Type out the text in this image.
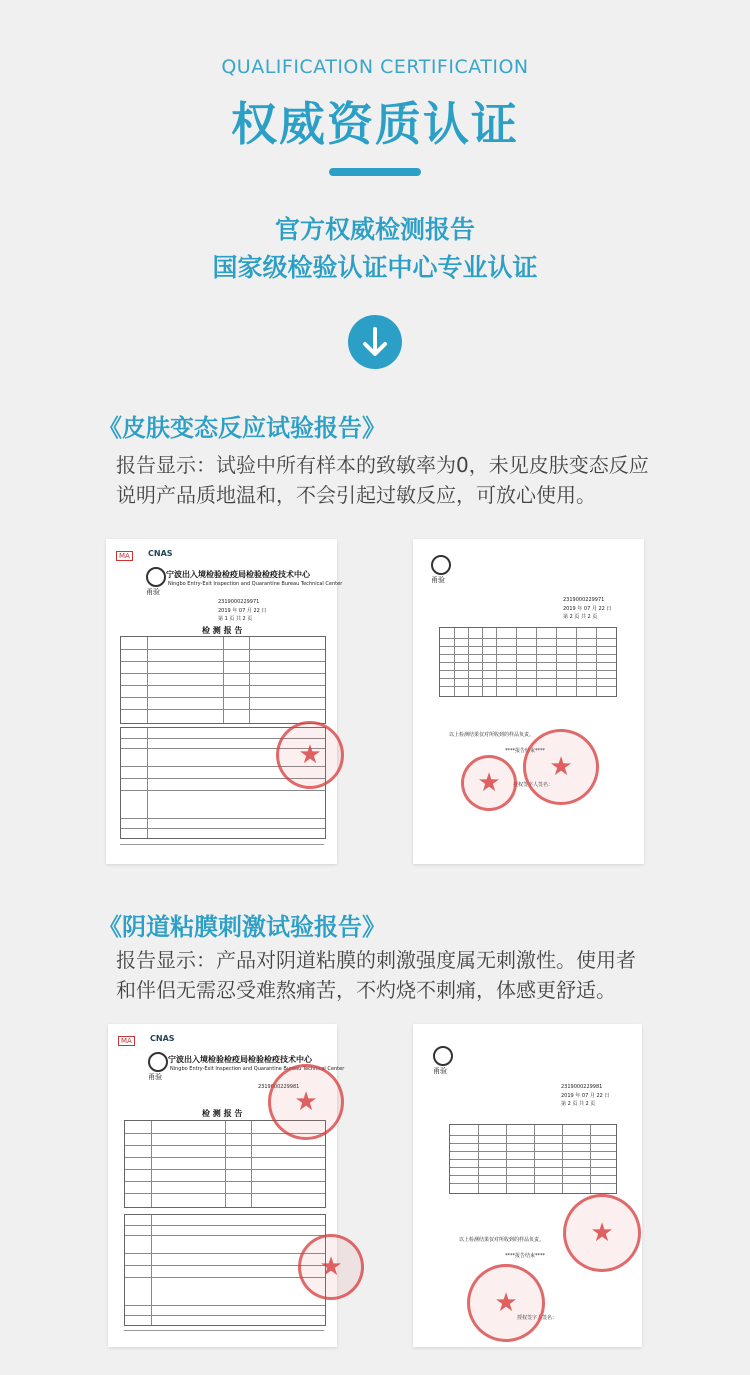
QUALIFICATION CERTIFICATION
权威资质认证
官方权威检测报告
国家级检验认证中心专业认证
《皮肤变态反应试验报告》
报告显示：试验中所有样本的致敏率为0，未见皮肤变态反应
说明产品质地温和，不会引起过敏反应，可放心使用。
MA	CNAS
甬验
宁波出入境检验检疫局检验检疫技术中心
Ningbo Entry-Exit Inspection and Quarantine Bureau Technical Center
2319000229971
2019 年 07 月 22 日
第 1 页 共 2 页
检 测 报 告
★
甬验
2319000229971
2019 年 07 月 22 日
第 2 页 共 2 页
以上检测结果仅对所收到的样品负责。
****报告结束****
授权签字人签名：
★
★
《阴道粘膜刺激试验报告》
报告显示：产品对阴道粘膜的刺激强度属无刺激性。使用者
和伴侣无需忍受难熬痛苦，不灼烧不刺痛，体感更舒适。
MA	CNAS
甬验
宁波出入境检验检疫局检验检疫技术中心
Ningbo Entry-Exit Inspection and Quarantine Bureau Technical Center
2319000229981
检 测 报 告 ★
★
甬验
2319000229981
2019 年 07 月 22 日
第 2 页 共 2 页
以上检测结果仅对所收到的样品负责。
****报告结束****
授权签字人签名：
★
★
